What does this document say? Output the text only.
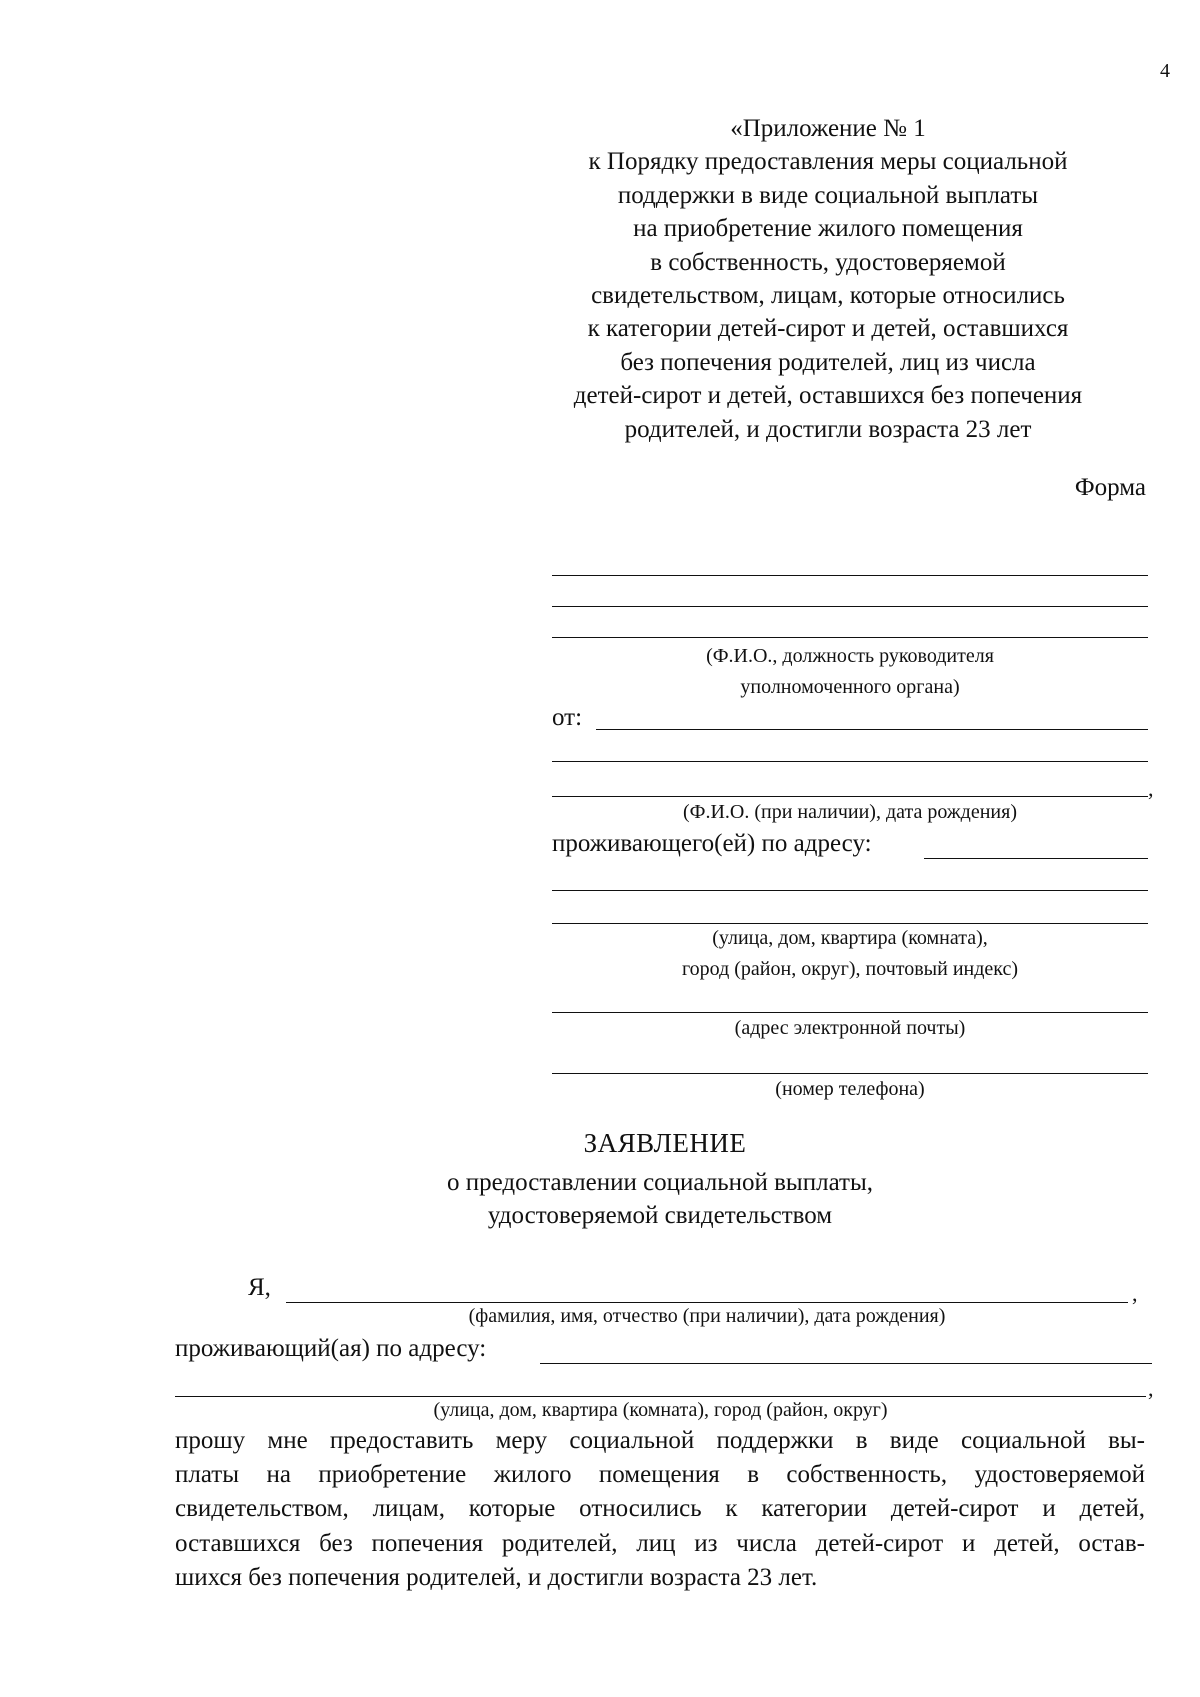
4
«Приложение № 1
к Порядку предоставления меры социальной
поддержки в виде социальной выплаты
на приобретение жилого помещения
в собственность, удостоверяемой
свидетельством, лицам, которые относились
к категории детей-сирот и детей, оставшихся
без попечения родителей, лиц из числа
детей-сирот и детей, оставшихся без попечения
родителей, и достигли возраста 23 лет
Форма
(Ф.И.О., должность руководителя
уполномоченного органа)
от:
,
(Ф.И.О. (при наличии), дата рождения)
проживающего(ей) по адресу:
(улица, дом, квартира (комната),
город (район, округ), почтовый индекс)
(адрес электронной почты)
(номер телефона)
ЗАЯВЛЕНИЕ
о предоставлении социальной выплаты,
удостоверяемой свидетельством
Я,	,
(фамилия, имя, отчество (при наличии), дата рождения)
проживающий(ая) по адресу:
,
(улица, дом, квартира (комната), город (район, округ)
прошу мне предоставить меру социальной поддержки в виде социальной вы-
платы на приобретение жилого помещения в собственность, удостоверяемой
свидетельством, лицам, которые относились к категории детей-сирот и детей,
оставшихся без попечения родителей, лиц из числа детей-сирот и детей, остав-
шихся без попечения родителей, и достигли возраста 23 лет.
